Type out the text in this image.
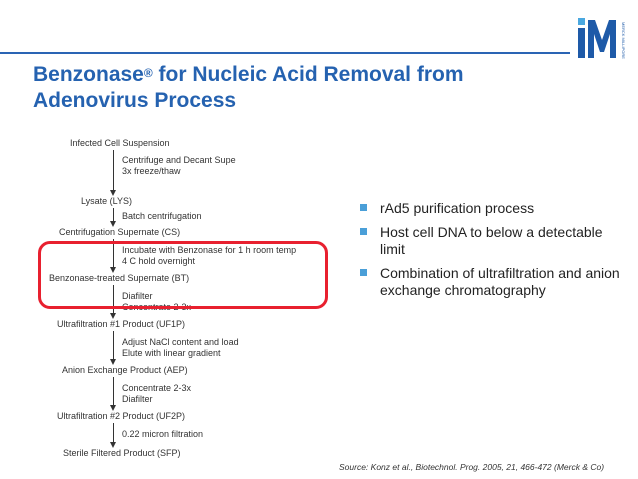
MERCK MILLIPORE
Benzonase® for Nucleic Acid Removal from
Adenovirus Process
Infected Cell Suspension
Lysate (LYS)
Centrifugation Supernate (CS)
Benzonase-treated Supernate (BT)
Ultrafiltration #1 Product (UF1P)
Anion Exchange Product (AEP)
Ultrafiltration #2 Product (UF2P)
Sterile Filtered Product (SFP)
Centrifuge and Decant Supe
3x freeze/thaw
Batch centrifugation
Incubate with Benzonase for 1 h room temp
4 C hold overnight
Diafilter
Concentrate 2-3x
Adjust NaCl content and load
Elute with linear gradient
Concentrate 2-3x
Diafilter
0.22 micron filtration
rAd5 purification process
Host cell DNA to below a detectable limit
Combination of ultrafiltration and anion exchange chromatography
Source: Konz et al., Biotechnol. Prog. 2005, 21, 466-472 (Merck & Co)
